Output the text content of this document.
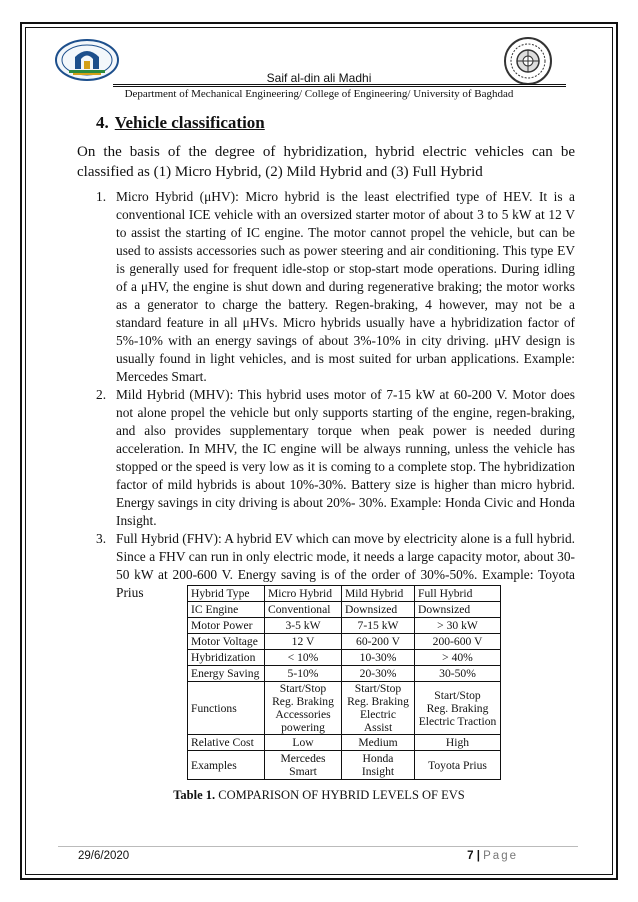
Saif al-din ali Madhi
Department of Mechanical Engineering/ College of Engineering/ University of Baghdad
4. Vehicle classification
On the basis of the degree of hybridization, hybrid electric vehicles can be classified as (1) Micro Hybrid, (2) Mild Hybrid and (3) Full Hybrid
1. Micro Hybrid (μHV): Micro hybrid is the least electrified type of HEV. It is a conventional ICE vehicle with an oversized starter motor of about 3 to 5 kW at 12 V to assist the starting of IC engine. The motor cannot propel the vehicle, but can be used to assists accessories such as power steering and air conditioning. This type EV is generally used for frequent idle-stop or stop-start mode operations. During idling of a μHV, the engine is shut down and during regenerative braking; the motor works as a generator to charge the battery. Regen-braking, 4 however, may not be a standard feature in all μHVs. Micro hybrids usually have a hybridization factor of 5%-10% with an energy savings of about 3%-10% in city driving. μHV design is usually found in light vehicles, and is most suited for urban applications. Example: Mercedes Smart.
2. Mild Hybrid (MHV): This hybrid uses motor of 7-15 kW at 60-200 V. Motor does not alone propel the vehicle but only supports starting of the engine, regen-braking, and also provides supplementary torque when peak power is needed during acceleration. In MHV, the IC engine will be always running, unless the vehicle has stopped or the speed is very low as it is coming to a complete stop. The hybridization factor of mild hybrids is about 10%-30%. Battery size is higher than micro hybrid. Energy savings in city driving is about 20%- 30%. Example: Honda Civic and Honda Insight.
3. Full Hybrid (FHV): A hybrid EV which can move by electricity alone is a full hybrid. Since a FHV can run in only electric mode, it needs a large capacity motor, about 30-50 kW at 200-600 V. Energy saving is of the order of 30%-50%. Example: Toyota Prius	Hybrid Type	Micro Hybrid	Mild Hybrid	Full Hybrid
IC Engine	Conventional	Downsized	Downsized
Motor Power	3-5 kW	7-15 kW	> 30 kW
Motor Voltage	12 V	60-200 V	200-600 V
Hybridization	< 10%	10-30%	> 40%
Energy Saving	5-10%	20-30%	30-50%
Functions	Start/Stop
Reg. Braking
Accessories
powering	Start/Stop
Reg. Braking
Electric
Assist	Start/Stop
Reg. Braking
Electric Traction
Relative Cost	Low	Medium	High
Examples	Mercedes
Smart	Honda
Insight	Toyota Prius
Table 1. COMPARISON OF HYBRID LEVELS OF EVS
29/6/2020	7 | Page
